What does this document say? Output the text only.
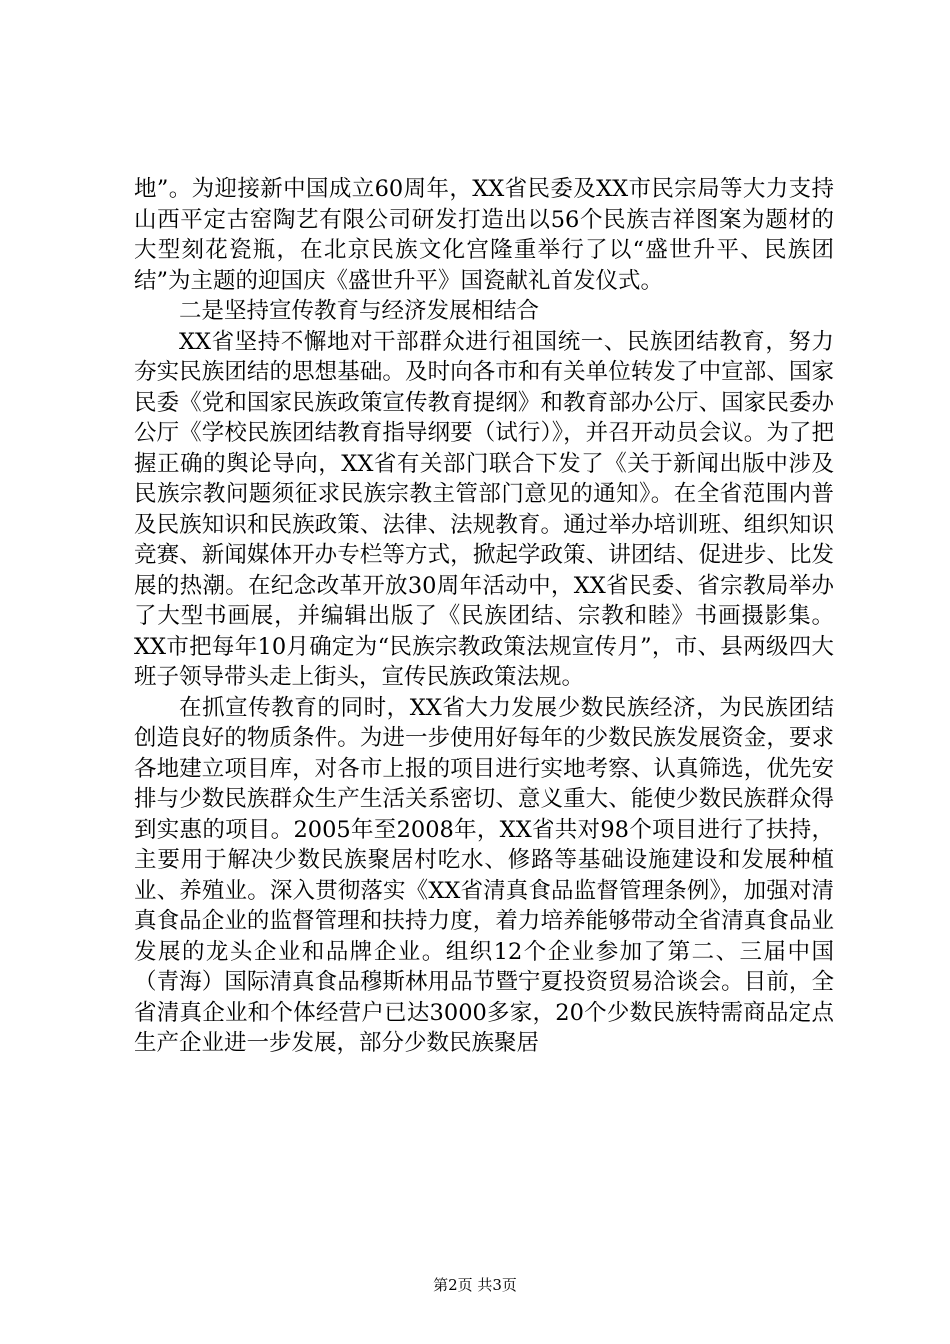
地”。为迎接新中国成立60周年，XX省民委及XX市民宗局等大力支持山西平定古窑陶艺有限公司研发打造出以56个民族吉祥图案为题材的大型刻花瓷瓶，在北京民族文化宫隆重举行了以“盛世升平、民族团结”为主题的迎国庆《盛世升平》国瓷献礼首发仪式。

二是坚持宣传教育与经济发展相结合

XX省坚持不懈地对干部群众进行祖国统一、民族团结教育，努力夯实民族团结的思想基础。及时向各市和有关单位转发了中宣部、国家民委《党和国家民族政策宣传教育提纲》和教育部办公厅、国家民委办公厅《学校民族团结教育指导纲要（试行）》，并召开动员会议。为了把握正确的舆论导向，XX省有关部门联合下发了《关于新闻出版中涉及民族宗教问题须征求民族宗教主管部门意见的通知》。在全省范围内普及民族知识和民族政策、法律、法规教育。通过举办培训班、组织知识竞赛、新闻媒体开办专栏等方式，掀起学政策、讲团结、促进步、比发展的热潮。在纪念改革开放30周年活动中，XX省民委、省宗教局举办了大型书画展，并编辑出版了《民族团结、宗教和睦》书画摄影集。XX市把每年10月确定为“民族宗教政策法规宣传月”，市、县两级四大班子领导带头走上街头，宣传民族政策法规。

在抓宣传教育的同时，XX省大力发展少数民族经济，为民族团结创造良好的物质条件。为进一步使用好每年的少数民族发展资金，要求各地建立项目库，对各市上报的项目进行实地考察、认真筛选，优先安排与少数民族群众生产生活关系密切、意义重大、能使少数民族群众得到实惠的项目。2005年至2008年，XX省共对98个项目进行了扶持，主要用于解决少数民族聚居村吃水、修路等基础设施建设和发展种植业、养殖业。深入贯彻落实《XX省清真食品监督管理条例》，加强对清真食品企业的监督管理和扶持力度，着力培养能够带动全省清真食品业发展的龙头企业和品牌企业。组织12个企业参加了第二、三届中国（青海）国际清真食品穆斯林用品节暨宁夏投资贸易洽谈会。目前，全省清真企业和个体经营户已达3000多家，20个少数民族特需商品定点生产企业进一步发展，部分少数民族聚居

第2页 共3页
